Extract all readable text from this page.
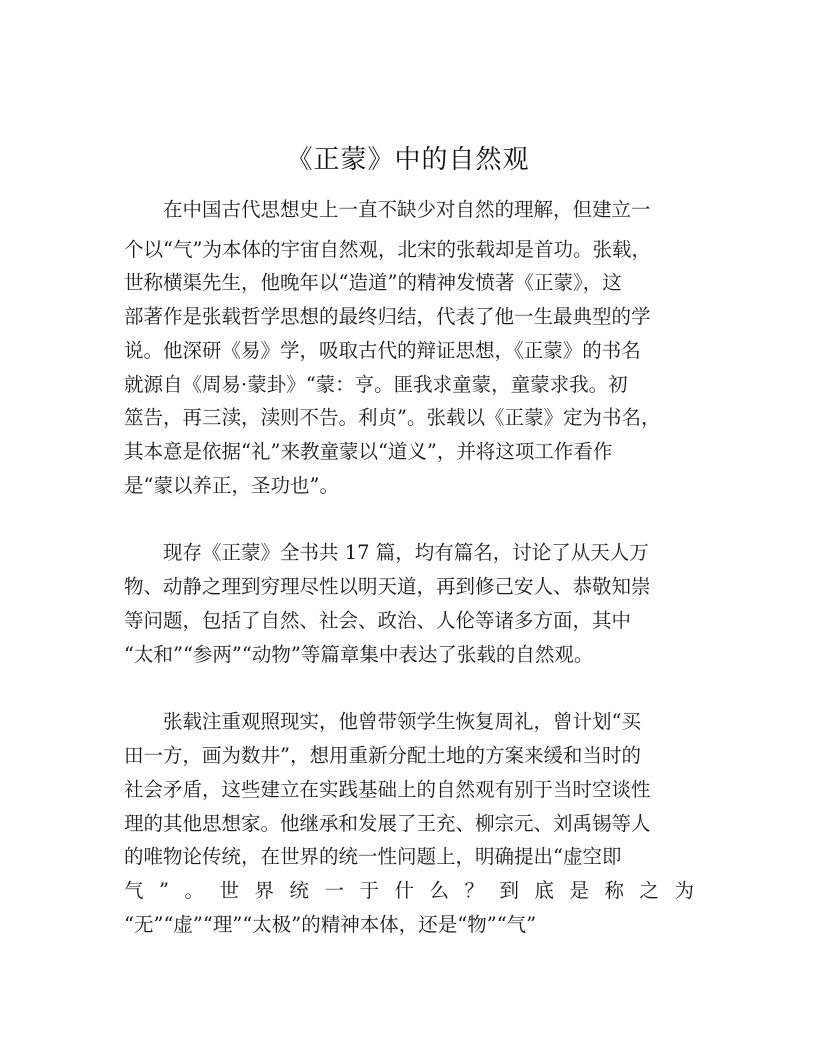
《正蒙》中的自然观
在中国古代思想史上一直不缺少对自然的理解，但建立一
个以“气”为本体的宇宙自然观，北宋的张载却是首功。张载，
世称横渠先生，他晚年以“造道”的精神发愤著《正蒙》，这
部著作是张载哲学思想的最终归结，代表了他一生最典型的学
说。他深研《易》学，吸取古代的辩证思想，《正蒙》的书名
就源自《周易·蒙卦》“蒙：亨。匪我求童蒙，童蒙求我。初
筮告，再三渎，渎则不告。利贞”。张载以《正蒙》定为书名，
其本意是依据“礼”来教童蒙以“道义”，并将这项工作看作
是“蒙以养正，圣功也”。
现存《正蒙》全书共 17 篇，均有篇名，讨论了从天人万
物、动静之理到穷理尽性以明天道，再到修己安人、恭敬知崇
等问题，包括了自然、社会、政治、人伦等诸多方面，其中
“太和”“参两”“动物”等篇章集中表达了张载的自然观。
张载注重观照现实，他曾带领学生恢复周礼，曾计划“买
田一方，画为数井”，想用重新分配土地的方案来缓和当时的
社会矛盾，这些建立在实践基础上的自然观有别于当时空谈性
理的其他思想家。他继承和发展了王充、柳宗元、刘禹锡等人
的唯物论传统，在世界的统一性问题上，明确提出“虚空即
气 ” 。 世 界 统 一 于 什 么 ？ 到 底 是 称 之 为
“无”“虚”“理”“太极”的精神本体，还是“物”“气”
